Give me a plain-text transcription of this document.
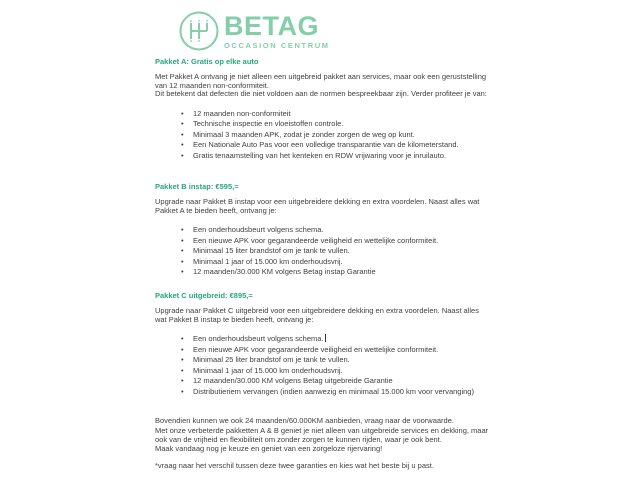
BETAG
OCCASION CENTRUM

Pakket A: Gratis op elke auto

Met Pakket A ontvang je niet alleen een uitgebreid pakket aan services, maar ook een geruststelling van 12 maanden non-conformiteit.

Dit betekent dat defecten die niet voldoen aan de normen bespreekbaar zijn. Verder profiteer je van:

• 12 maanden non-conformiteit
• Technische inspectie en vloeistoffen controle.
• Minimaal 3 maanden APK, zodat je zonder zorgen de weg op kunt.
• Een Nationale Auto Pas voor een volledige transparantie van de kilometerstand.
• Gratis tenaamstelling van het kenteken en RDW vrijwaring voor je inruilauto.

Pakket B instap: €595,=

Upgrade naar Pakket B instap voor een uitgebreidere dekking en extra voordelen. Naast alles wat Pakket A te bieden heeft, ontvang je:

• Een onderhoudsbeurt volgens schema.
• Een nieuwe APK voor gegarandeerde veiligheid en wettelijke conformiteit.
• Minimaal 15 liter brandstof om je tank te vullen.
• Minimaal 1 jaar of 15.000 km onderhoudsvrij.
• 12 maanden/30.000 KM volgens Betag instap Garantie

Pakket C uitgebreid: €895,=

Upgrade naar Pakket C uitgebreid voor een uitgebreidere dekking en extra voordelen. Naast alles wat Pakket B instap te bieden heeft, ontvang je:

• Een onderhoudsbeurt volgens schema.
• Een nieuwe APK voor gegarandeerde veiligheid en wettelijke conformiteit.
• Minimaal 25 liter brandstof om je tank te vullen.
• Minimaal 1 jaar of 15.000 km onderhoudsvrij.
• 12 maanden/30.000 KM volgens Betag uitgebreide Garantie
• Distributieriem vervangen (indien aanwezig en minimaal 15.000 km voor vervanging)

Bovendien kunnen we ook 24 maanden/60.000KM aanbieden, vraag naar de voorwaarde.

Met onze verbeterde pakketten A & B geniet je niet alleen van uitgebreide services en dekking, maar ook van de vrijheid en flexibiliteit om zonder zorgen te kunnen rijden, waar je ook bent.

Maak vandaag nog je keuze en geniet van een zorgeloze rijervaring!

*vraag naar het verschil tussen deze twee garanties en kies wat het beste bij u past.
